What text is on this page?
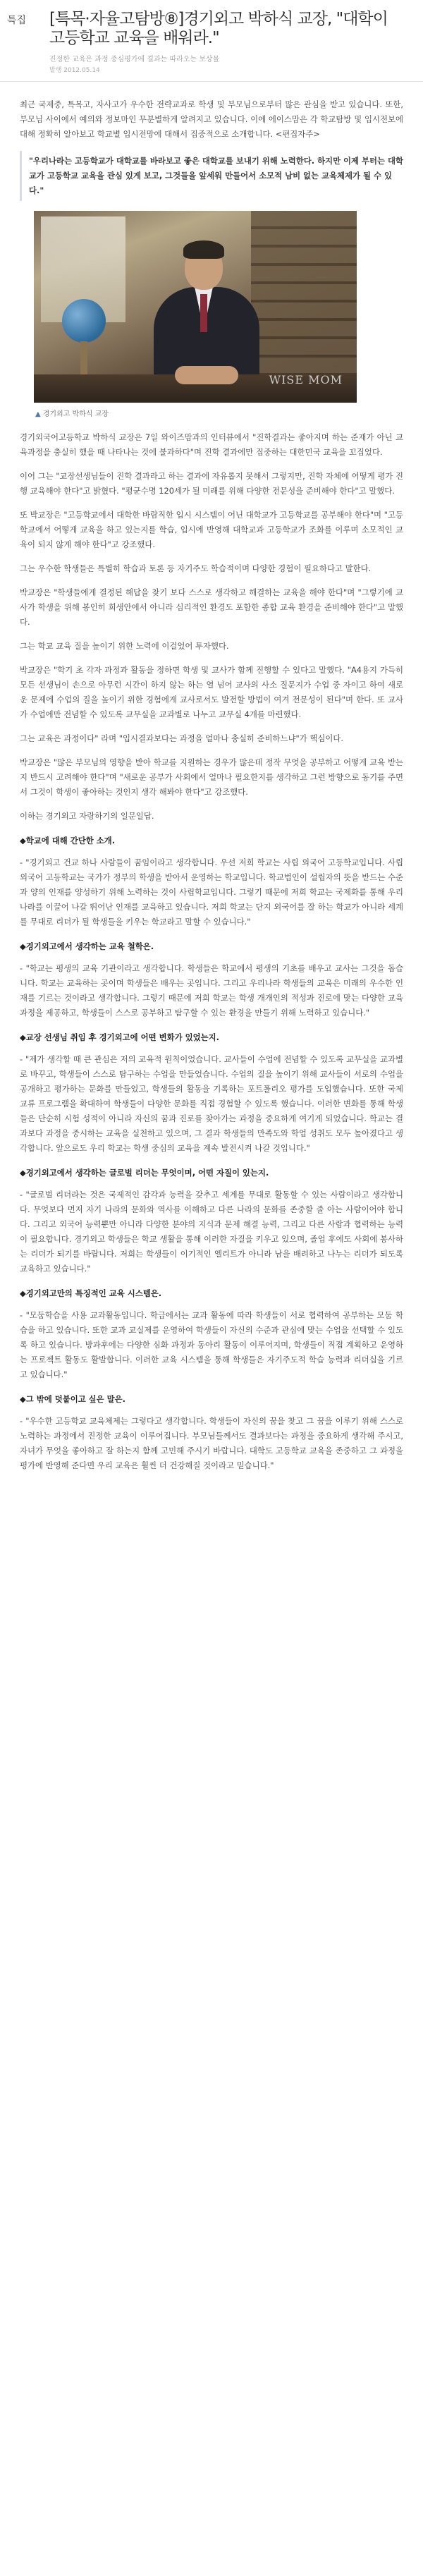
특집	[특목·자율고탐방⑧]경기외고 박하식 교장, "대학이
고등학교 교육을 배워라."
진정한 교육은 과정 중심평가에 결과는 따라오는 보상물
발행 2012.05.14

최근 국제중, 특목고, 자사고가 우수한 전략교과로 학생 및 부모님으로부터 많은 관심을 받고 있습니다. 또한, 부모님 사이에서 예의와 정보마인 무분별하게 알려지고 있습니다. 이에 에이스맘은 각 학교탐방 및 입시전보에 대해 정확히 알아보고 학교별 입시전망에 대해서 집중적으로 소개합니다. <편집자주>

"우리나라는 고등학교가 대학교를 바라보고 좋은 대학교를 보내기 위해 노력한다. 하지만 이제 부터는 대학교가 고등학교 교육을 관심 있게 보고, 그것들을 앞세워 만들어서 소모적 남비 없는 교육체제가 될 수 있다."
WISE MOM
▲ 경기외고 박하식 교장

경기외국어고등학교 박하식 교장은 7일 와이즈맘과의 인터뷰에서 "진학결과는 좋아지며 하는 준재가 아닌 교육과정을 충실히 했을 때 나타나는 것에 불과하다"며 진학 결과에만 집중하는 대한민국 교육을 꼬집었다.

이어 그는 "교장선생님들이 진학 결과라고 하는 결과에 자유롭지 못해서 그렇지만, 진학 자체에 어떻게 평가 진행 교육해야 한다"고 밝혔다. "평균수명 120세가 될 미래를 위해 다양한 전문성을 준비해야 한다"고 말했다.

또 박교장은 "고등학교에서 대학한 바람직한 입시 시스템이 어닌 대학교가 고등학교를 공부해야 한다"며 "고등학교에서 어떻게 교육을 하고 있는지를 학습, 입시에 반영해 대학교과 고등학교가 조화를 이루며 소모적인 교육이 되지 않게 해야 한다"고 강조했다.

그는 우수한 학생들은 특별히 학습과 토론 등 자기주도 학습적이며 다양한 경험이 필요하다고 말한다.

박교장은 "학생들에게 결정된 해답을 찾기 보다 스스로 생각하고 해결하는 교육을 해야 한다"며 "그렇기에 교사가 학생을 위해 봉인히 희생안에서 아니라 심리적인 환경도 포함한 종합 교육 환경을 준비해야 한다"고 말했다.

그는 학교 교육 질을 높이기 위한 노력에 이걸었어 투자했다.

박교장은 "학기 초 각자 과정과 활동을 정하면 학생 및 교사가 함께 진행할 수 있다고 말했다. "A4용지 가득히 모든 선생님이 손으로 아무런 시간이 하지 않는 하는 열 넘어 교사의 사소 질문지가 수업 중 자이고 하여 새로운 문제에 수업의 질을 높이기 위한 경험에게 교사로서도 발전할 방법이 여겨 전문성이 된다"며 한다. 또 교사가 수업에만 전념할 수 있도록 교무실을 교과별로 나누고 교무실 4개를 마련했다.

그는 교육은 과정이다" 라며 "입시결과보다는 과정을 얼마나 충실히 준비하느냐"가 핵심이다.

박교장은 "많은 부모님의 영향을 받아 학교를 지원하는 경우가 많은데 정작 무엇을 공부하고 어떻게 교육 받는지 반드시 고려해야 한다"며 "새로운 공부가 사회에서 얼마나 필요한지를 생각하고 그런 방향으로 동기를 주면서 그것이 학생이 좋아하는 것인지 생각 해봐야 한다"고 강조했다.

이하는 경기외고 자랑하기의 일문일답.

◆학교에 대해 간단한 소개.

- "경기외고 건교 하나 사람들이 꿈임이라고 생각합니다. 우선 저희 학교는 사립 외국어 고등학교입니다. 사립 외국어 고등학교는 국가가 정부의 학생을 받아서 운영하는 학교입니다. 학교법인이 설립자의 뜻을 받드는 수준과 양의 인재를 양성하기 위해 노력하는 것이 사립학교입니다. 그렇기 때문에 저희 학교는 국제화를 통해 우리나라를 이끌어 나갈 뛰어난 인재를 교육하고 있습니다. 저희 학교는 단지 외국어를 잘 하는 학교가 아니라 세계를 무대로 리더가 될 학생들을 키우는 학교라고 말할 수 있습니다."

◆경기외고에서 생각하는 교육 철학은.

- "학교는 평생의 교육 기관이라고 생각합니다. 학생들은 학교에서 평생의 기초를 배우고 교사는 그것을 돕습니다. 학교는 교육하는 곳이며 학생들은 배우는 곳입니다. 그리고 우리나라 학생들의 교육은 미래의 우수한 인재를 기르는 것이라고 생각합니다. 그렇기 때문에 저희 학교는 학생 개개인의 적성과 진로에 맞는 다양한 교육 과정을 제공하고, 학생들이 스스로 공부하고 탐구할 수 있는 환경을 만들기 위해 노력하고 있습니다."

◆교장 선생님 취임 후 경기외고에 어떤 변화가 있었는지.

- "제가 생각할 때 큰 관심은 저의 교육적 원칙이었습니다. 교사들이 수업에 전념할 수 있도록 교무실을 교과별로 바꾸고, 학생들이 스스로 탐구하는 수업을 만들었습니다. 수업의 질을 높이기 위해 교사들이 서로의 수업을 공개하고 평가하는 문화를 만들었고, 학생들의 활동을 기록하는 포트폴리오 평가를 도입했습니다. 또한 국제 교류 프로그램을 확대하여 학생들이 다양한 문화를 직접 경험할 수 있도록 했습니다. 이러한 변화를 통해 학생들은 단순히 시험 성적이 아니라 자신의 꿈과 진로를 찾아가는 과정을 중요하게 여기게 되었습니다. 학교는 결과보다 과정을 중시하는 교육을 실천하고 있으며, 그 결과 학생들의 만족도와 학업 성취도 모두 높아졌다고 생각합니다. 앞으로도 우리 학교는 학생 중심의 교육을 계속 발전시켜 나갈 것입니다."

◆경기외고에서 생각하는 글로벌 리더는 무엇이며, 어떤 자질이 있는지.

- "글로벌 리더라는 것은 국제적인 감각과 능력을 갖추고 세계를 무대로 활동할 수 있는 사람이라고 생각합니다. 무엇보다 먼저 자기 나라의 문화와 역사를 이해하고 다른 나라의 문화를 존중할 줄 아는 사람이어야 합니다. 그리고 외국어 능력뿐만 아니라 다양한 분야의 지식과 문제 해결 능력, 그리고 다른 사람과 협력하는 능력이 필요합니다. 경기외고 학생들은 학교 생활을 통해 이러한 자질을 키우고 있으며, 졸업 후에도 사회에 봉사하는 리더가 되기를 바랍니다. 저희는 학생들이 이기적인 엘리트가 아니라 남을 배려하고 나누는 리더가 되도록 교육하고 있습니다."

◆경기외고만의 특징적인 교육 시스템은.

- "모둠학습을 사용 교과활동입니다. 학급에서는 교과 활동에 따라 학생들이 서로 협력하여 공부하는 모둠 학습을 하고 있습니다. 또한 교과 교실제를 운영하여 학생들이 자신의 수준과 관심에 맞는 수업을 선택할 수 있도록 하고 있습니다. 방과후에는 다양한 심화 과정과 동아리 활동이 이루어지며, 학생들이 직접 계획하고 운영하는 프로젝트 활동도 활발합니다. 이러한 교육 시스템을 통해 학생들은 자기주도적 학습 능력과 리더십을 기르고 있습니다."

◆그 밖에 덧붙이고 싶은 말은.

- "우수한 고등학교 교육체제는 그렇다고 생각합니다. 학생들이 자신의 꿈을 찾고 그 꿈을 이루기 위해 스스로 노력하는 과정에서 진정한 교육이 이루어집니다. 부모님들께서도 결과보다는 과정을 중요하게 생각해 주시고, 자녀가 무엇을 좋아하고 잘 하는지 함께 고민해 주시기 바랍니다. 대학도 고등학교 교육을 존중하고 그 과정을 평가에 반영해 준다면 우리 교육은 훨씬 더 건강해질 것이라고 믿습니다."
